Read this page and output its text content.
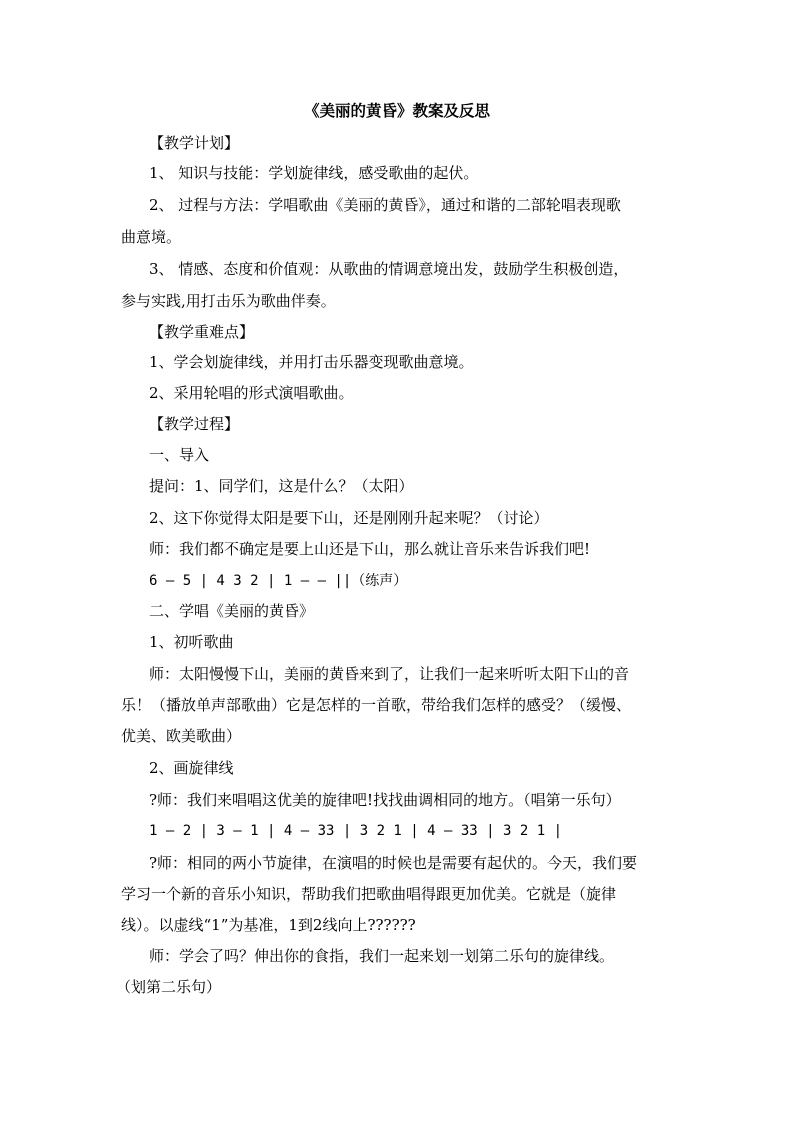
《美丽的黄昏》教案及反思
【教学计划】
1、 知识与技能：学划旋律线，感受歌曲的起伏。
2、 过程与方法：学唱歌曲《美丽的黄昏》，通过和谐的二部轮唱表现歌
曲意境。
3、 情感、态度和价值观：从歌曲的情调意境出发，鼓励学生积极创造，
参与实践,用打击乐为歌曲伴奏。
【教学重难点】
1、学会划旋律线，并用打击乐器变现歌曲意境。
2、采用轮唱的形式演唱歌曲。
【教学过程】
一、导入
提问：1、同学们，这是什么？（太阳）
2、这下你觉得太阳是要下山，还是刚刚升起来呢？（讨论）
师：我们都不确定是要上山还是下山，那么就让音乐来告诉我们吧!
6 — 5 | 4 3 2 | 1 — — ||（练声）
二、学唱《美丽的黄昏》
1、初听歌曲
师：太阳慢慢下山，美丽的黄昏来到了，让我们一起来听听太阳下山的音
乐！（播放单声部歌曲）它是怎样的一首歌，带给我们怎样的感受？（缓慢、
优美、欧美歌曲）
2、画旋律线
?师：我们来唱唱这优美的旋律吧!找找曲调相同的地方。（唱第一乐句）
1 — 2 | 3 — 1 | 4 — 33 | 3 2 1 | 4 — 33 | 3 2 1 |
?师：相同的两小节旋律，在演唱的时候也是需要有起伏的。今天，我们要
学习一个新的音乐小知识，帮助我们把歌曲唱得跟更加优美。它就是（旋律
线）。以虚线“1”为基准，1到2线向上??????
师：学会了吗？伸出你的食指，我们一起来划一划第二乐句的旋律线。
（划第二乐句）
